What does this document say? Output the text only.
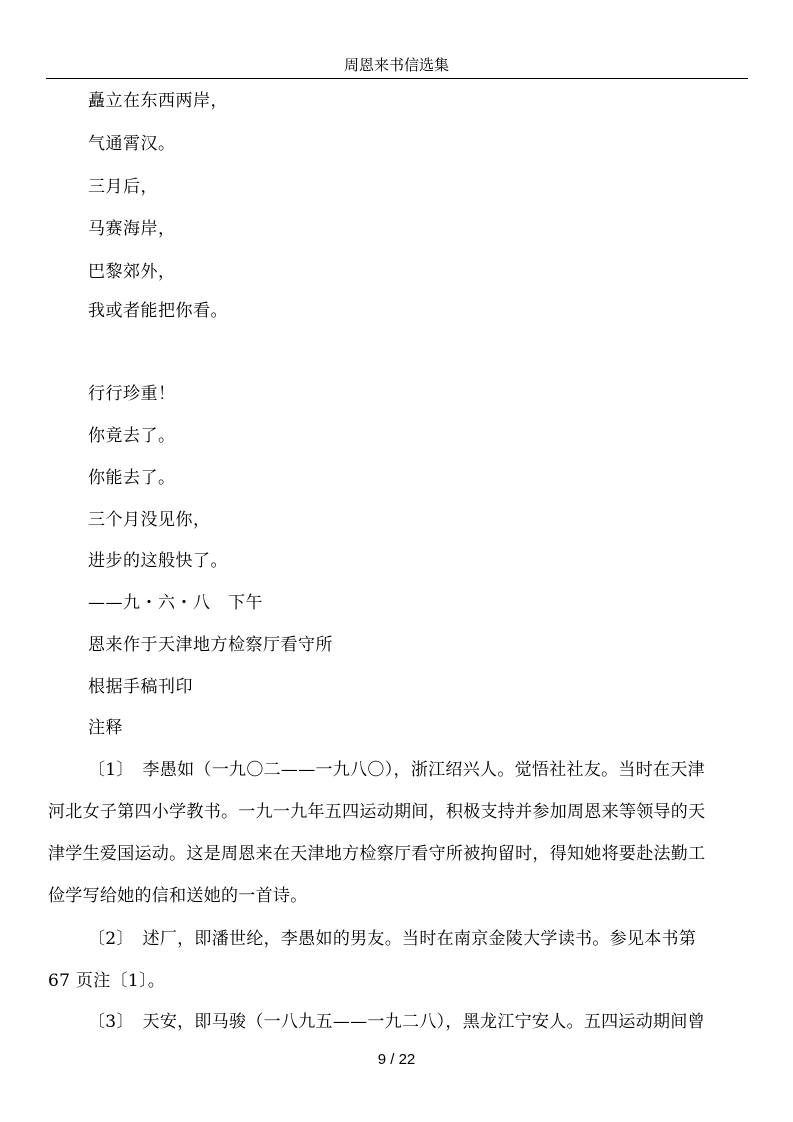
周恩来书信选集
矗立在东西两岸，
气通霄汉。
三月后，
马赛海岸，
巴黎郊外，
我或者能把你看。
行行珍重！
你竟去了。
你能去了。
三个月没见你，
进步的这般快了。
——九・六・八　下午
恩来作于天津地方检察厅看守所
根据手稿刊印
注释
〔1〕　李愚如（一九〇二——一九八〇），浙江绍兴人。觉悟社社友。当时在天津
河北女子第四小学教书。一九一九年五四运动期间，积极支持并参加周恩来等领导的天
津学生爱国运动。这是周恩来在天津地方检察厅看守所被拘留时，得知她将要赴法勤工
俭学写给她的信和送她的一首诗。
〔2〕　述厂，即潘世纶，李愚如的男友。当时在南京金陵大学读书。参见本书第
67 页注〔1〕。
〔3〕　天安，即马骏（一八九五——一九二八），黑龙江宁安人。五四运动期间曾
9 / 22
